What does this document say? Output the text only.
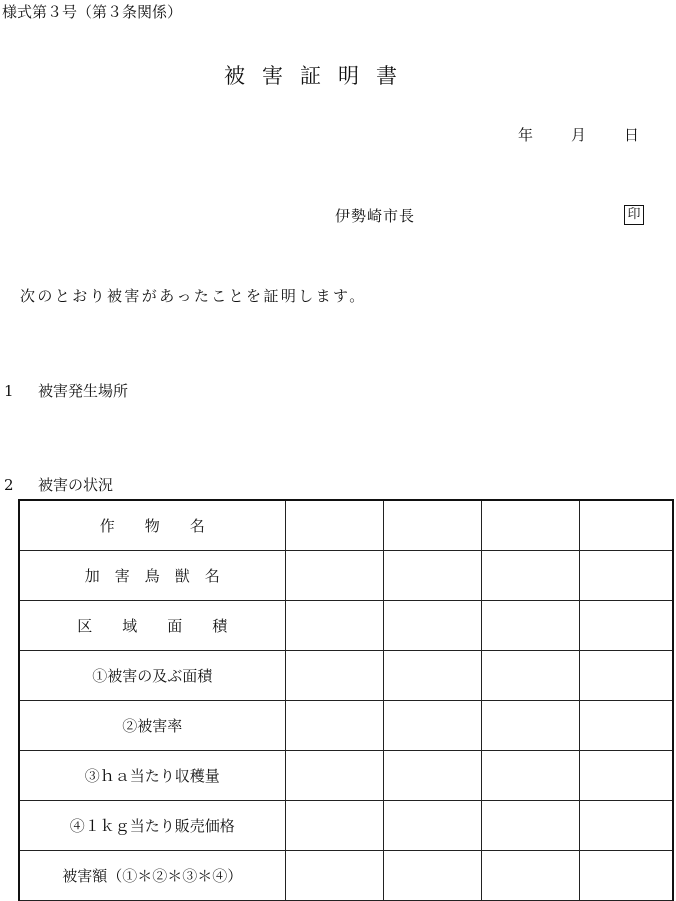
様式第３号（第３条関係）
被害証明書
年	月	日
伊勢崎市長	印
次のとおり被害があったことを証明します。
1 被害発生場所
2 被害の状況
作　　物　　名				
加　害　鳥　獣　名				
区　　域　　面　　積				
①被害の及ぶ面積				
②被害率				
③ｈａ当たり収穫量				
④１ｋｇ当たり販売価格				
被害額（①＊②＊③＊④）				
